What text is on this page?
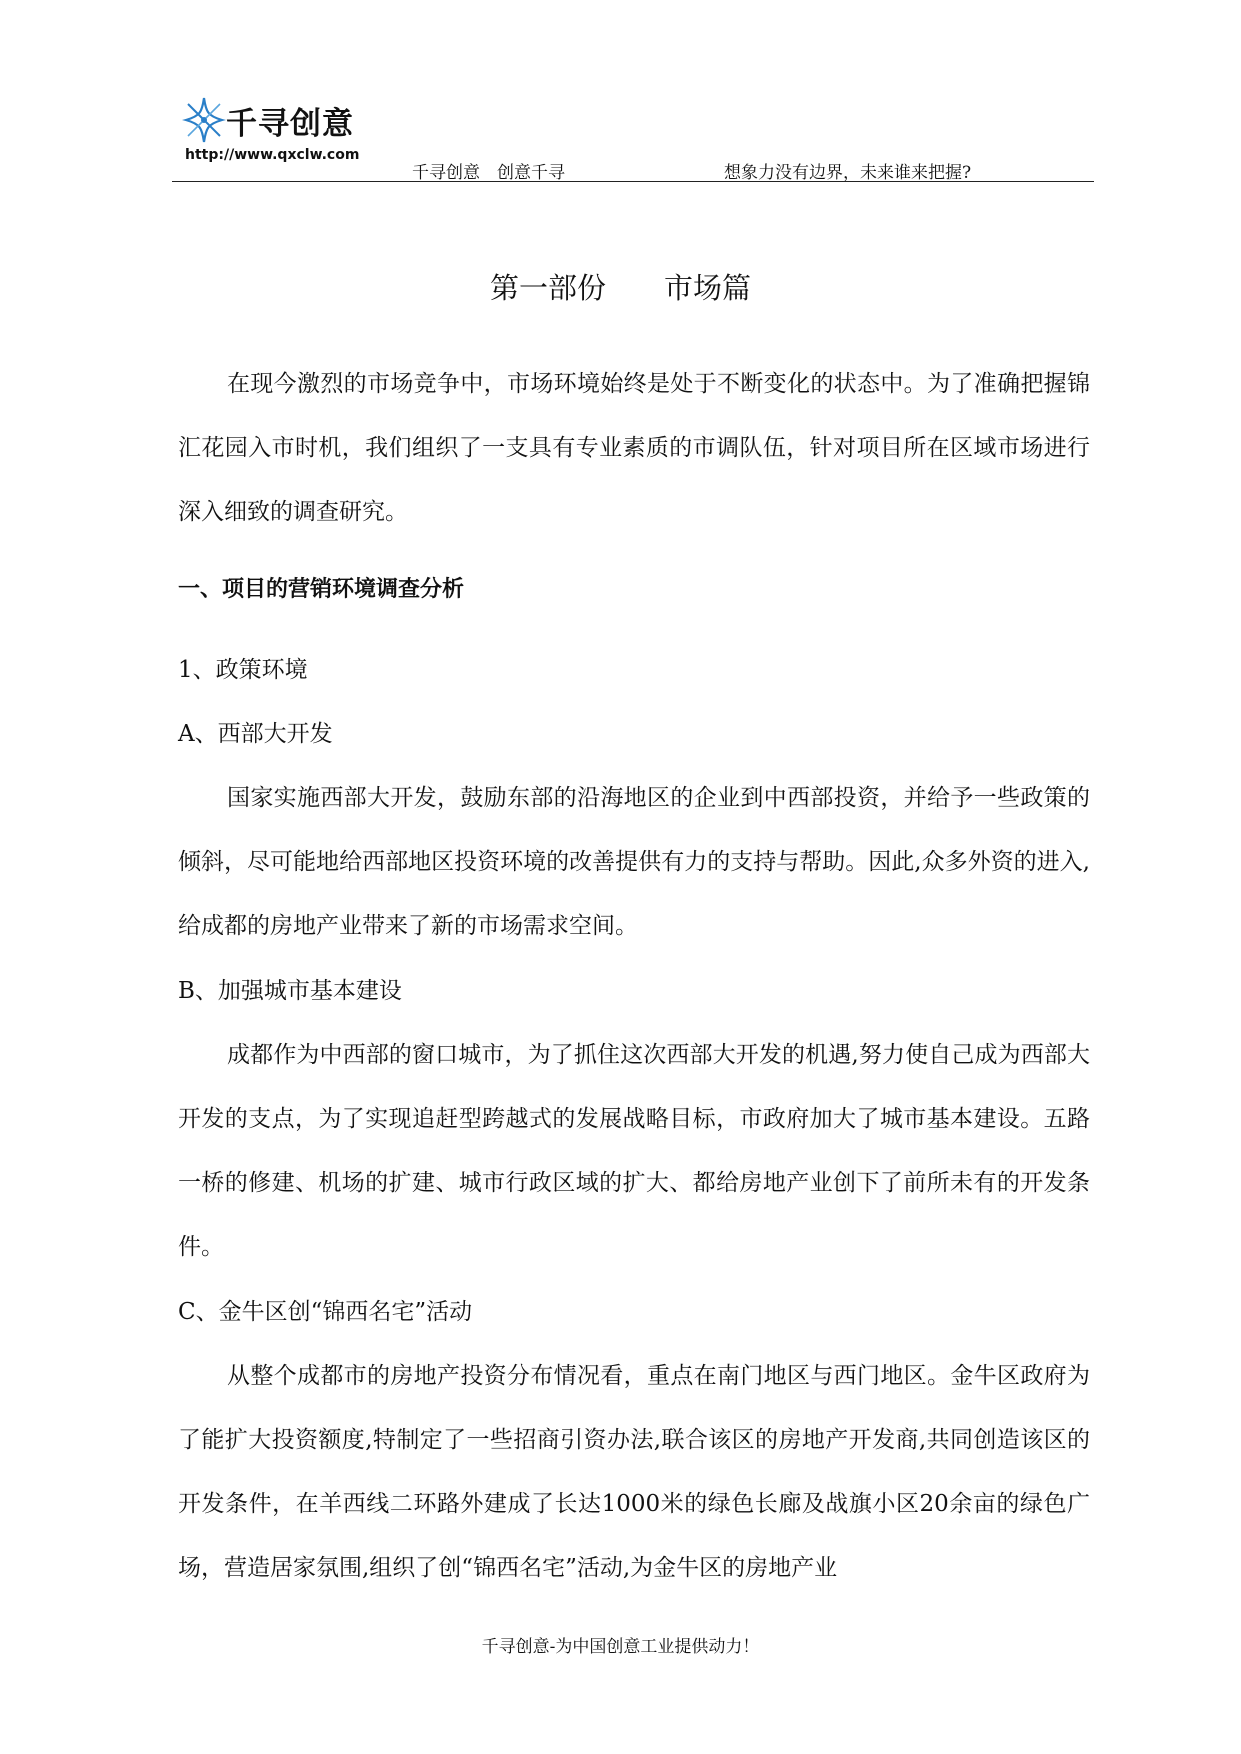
千寻创意
http://www.qxclw.com
千寻创意　创意千寻	想象力没有边界，未来谁来把握?
第一部份　　市场篇

在现今激烈的市场竞争中，市场环境始终是处于不断变化的状态中。为了准确把握锦汇花园入市时机，我们组织了一支具有专业素质的市调队伍，针对项目所在区域市场进行深入细致的调查研究。

一、项目的营销环境调查分析

1、政策环境

A、西部大开发

国家实施西部大开发，鼓励东部的沿海地区的企业到中西部投资，并给予一些政策的倾斜，尽可能地给西部地区投资环境的改善提供有力的支持与帮助。因此,众多外资的进入,给成都的房地产业带来了新的市场需求空间。

B、加强城市基本建设

成都作为中西部的窗口城市，为了抓住这次西部大开发的机遇,努力使自己成为西部大开发的支点，为了实现追赶型跨越式的发展战略目标，市政府加大了城市基本建设。五路一桥的修建、机场的扩建、城市行政区域的扩大、都给房地产业创下了前所未有的开发条件。

C、金牛区创“锦西名宅”活动

从整个成都市的房地产投资分布情况看，重点在南门地区与西门地区。金牛区政府为了能扩大投资额度,特制定了一些招商引资办法,联合该区的房地产开发商,共同创造该区的开发条件，在羊西线二环路外建成了长达1000米的绿色长廊及战旗小区20余亩的绿色广场，营造居家氛围,组织了创“锦西名宅”活动,为金牛区的房地产业

千寻创意-为中国创意工业提供动力！
